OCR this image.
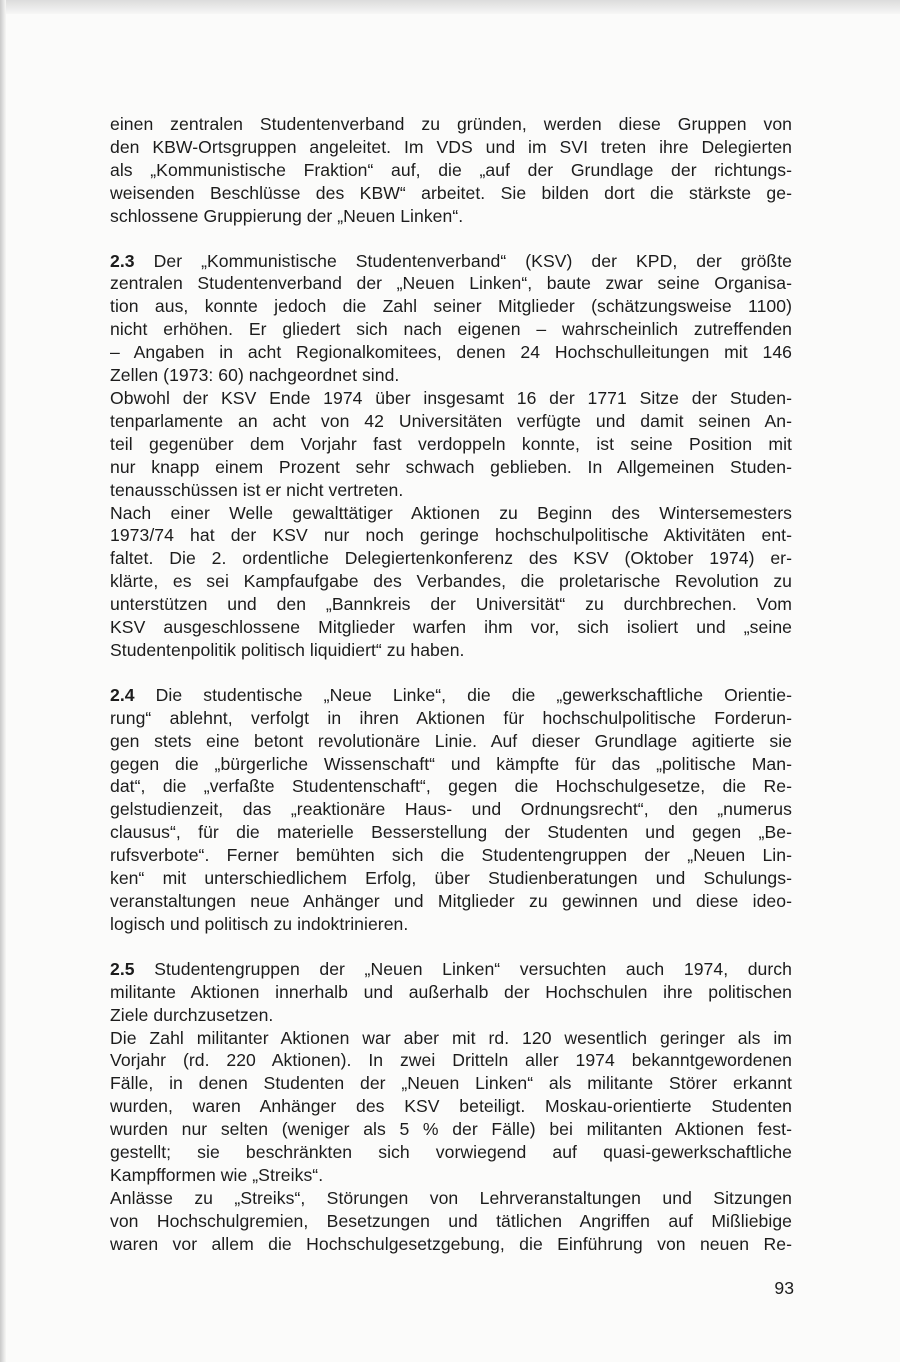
einen zentralen Studentenverband zu gründen, werden diese Gruppen von
den KBW-Ortsgruppen angeleitet. Im VDS und im SVI treten ihre Delegierten
als „Kommunistische Fraktion“ auf, die „auf der Grundlage der richtungs-
weisenden Beschlüsse des KBW“ arbeitet. Sie bilden dort die stärkste ge-
schlossene Gruppierung der „Neuen Linken“.

2.3 Der „Kommunistische Studentenverband“ (KSV) der KPD, der größte
zentralen Studentenverband der „Neuen Linken“, baute zwar seine Organisa-
tion aus, konnte jedoch die Zahl seiner Mitglieder (schätzungsweise 1100)
nicht erhöhen. Er gliedert sich nach eigenen – wahrscheinlich zutreffenden
– Angaben in acht Regionalkomitees, denen 24 Hochschulleitungen mit 146
Zellen (1973: 60) nachgeordnet sind.
Obwohl der KSV Ende 1974 über insgesamt 16 der 1771 Sitze der Studen-
tenparlamente an acht von 42 Universitäten verfügte und damit seinen An-
teil gegenüber dem Vorjahr fast verdoppeln konnte, ist seine Position mit
nur knapp einem Prozent sehr schwach geblieben. In Allgemeinen Studen-
tenausschüssen ist er nicht vertreten.
Nach einer Welle gewalttätiger Aktionen zu Beginn des Wintersemesters
1973/74 hat der KSV nur noch geringe hochschulpolitische Aktivitäten ent-
faltet. Die 2. ordentliche Delegiertenkonferenz des KSV (Oktober 1974) er-
klärte, es sei Kampfaufgabe des Verbandes, die proletarische Revolution zu
unterstützen und den „Bannkreis der Universität“ zu durchbrechen. Vom
KSV ausgeschlossene Mitglieder warfen ihm vor, sich isoliert und „seine
Studentenpolitik politisch liquidiert“ zu haben.

2.4 Die studentische „Neue Linke“, die die „gewerkschaftliche Orientie-
rung“ ablehnt, verfolgt in ihren Aktionen für hochschulpolitische Forderun-
gen stets eine betont revolutionäre Linie. Auf dieser Grundlage agitierte sie
gegen die „bürgerliche Wissenschaft“ und kämpfte für das „politische Man-
dat“, die „verfaßte Studentenschaft“, gegen die Hochschulgesetze, die Re-
gelstudienzeit, das „reaktionäre Haus- und Ordnungsrecht“, den „numerus
clausus“, für die materielle Besserstellung der Studenten und gegen „Be-
rufsverbote“. Ferner bemühten sich die Studentengruppen der „Neuen Lin-
ken“ mit unterschiedlichem Erfolg, über Studienberatungen und Schulungs-
veranstaltungen neue Anhänger und Mitglieder zu gewinnen und diese ideo-
logisch und politisch zu indoktrinieren.

2.5 Studentengruppen der „Neuen Linken“ versuchten auch 1974, durch
militante Aktionen innerhalb und außerhalb der Hochschulen ihre politischen
Ziele durchzusetzen.
Die Zahl militanter Aktionen war aber mit rd. 120 wesentlich geringer als im
Vorjahr (rd. 220 Aktionen). In zwei Dritteln aller 1974 bekanntgewordenen
Fälle, in denen Studenten der „Neuen Linken“ als militante Störer erkannt
wurden, waren Anhänger des KSV beteiligt. Moskau-orientierte Studenten
wurden nur selten (weniger als 5 % der Fälle) bei militanten Aktionen fest-
gestellt; sie beschränkten sich vorwiegend auf quasi-gewerkschaftliche
Kampfformen wie „Streiks“.
Anlässe zu „Streiks“, Störungen von Lehrveranstaltungen und Sitzungen
von Hochschulgremien, Besetzungen und tätlichen Angriffen auf Mißliebige
waren vor allem die Hochschulgesetzgebung, die Einführung von neuen Re-

93
